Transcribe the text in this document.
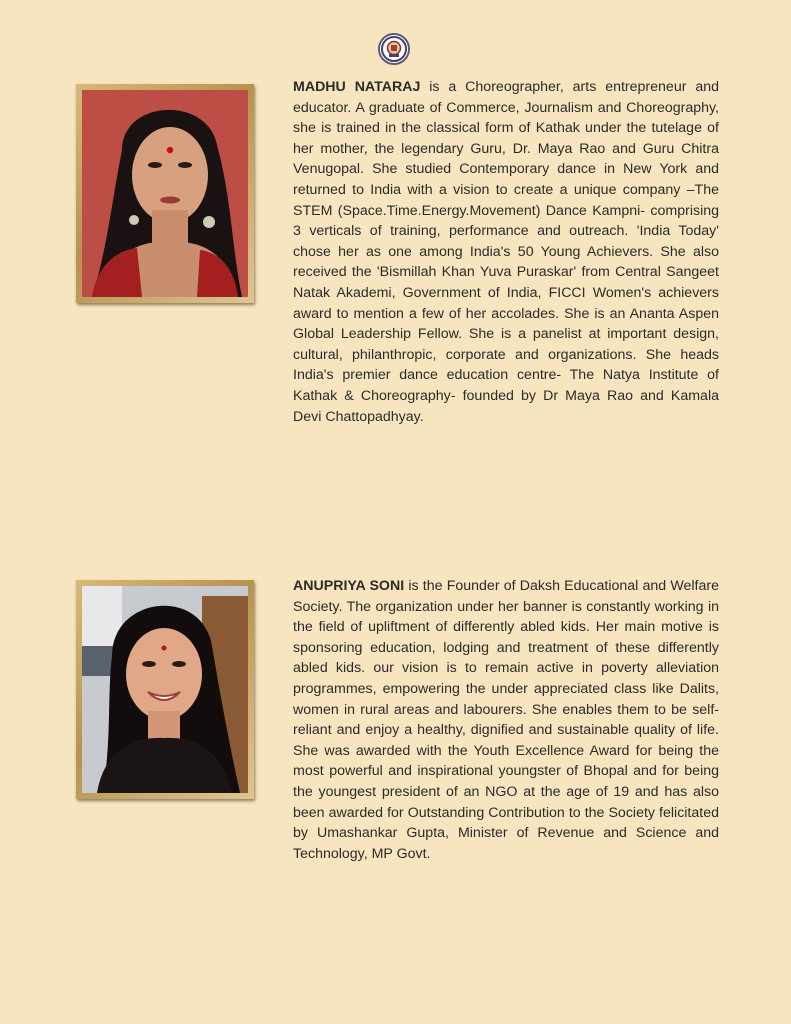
MADHU NATARAJ is a Choreographer, arts entrepreneur and educator. A graduate of Commerce, Journalism and Choreography, she is trained in the classical form of Kathak under the tutelage of her mother, the legendary Guru, Dr. Maya Rao and Guru Chitra Venugopal. She studied Contemporary dance in New York and returned to India with a vision to create a unique company –The STEM (Space.Time.Energy.Movement) Dance Kampni- comprising 3 verticals of training, performance and outreach. 'India Today' chose her as one among India's 50 Young Achievers. She also received the 'Bismillah Khan Yuva Puraskar' from Central Sangeet Natak Akademi, Government of India, FICCI Women's achievers award to mention a few of her accolades. She is an Ananta Aspen Global Leadership Fellow. She is a panelist at important design, cultural, philanthropic, corporate and organizations. She heads India's premier dance education centre- The Natya Institute of Kathak & Choreography- founded by Dr Maya Rao and Kamala Devi Chattopadhyay.

ANUPRIYA SONI is the Founder of Daksh Educational and Welfare Society. The organization under her banner is constantly working in the field of upliftment of differently abled kids. Her main motive is sponsoring education, lodging and treatment of these differently abled kids. our vision is to remain active in poverty alleviation programmes, empowering the under appreciated class like Dalits, women in rural areas and labourers. She enables them to be self-reliant and enjoy a healthy, dignified and sustainable quality of life. She was awarded with the Youth Excellence Award for being the most powerful and inspirational youngster of Bhopal and for being the youngest president of an NGO at the age of 19 and has also been awarded for Outstanding Contribution to the Society felicitated by Umashankar Gupta, Minister of Revenue and Science and Technology, MP Govt.
